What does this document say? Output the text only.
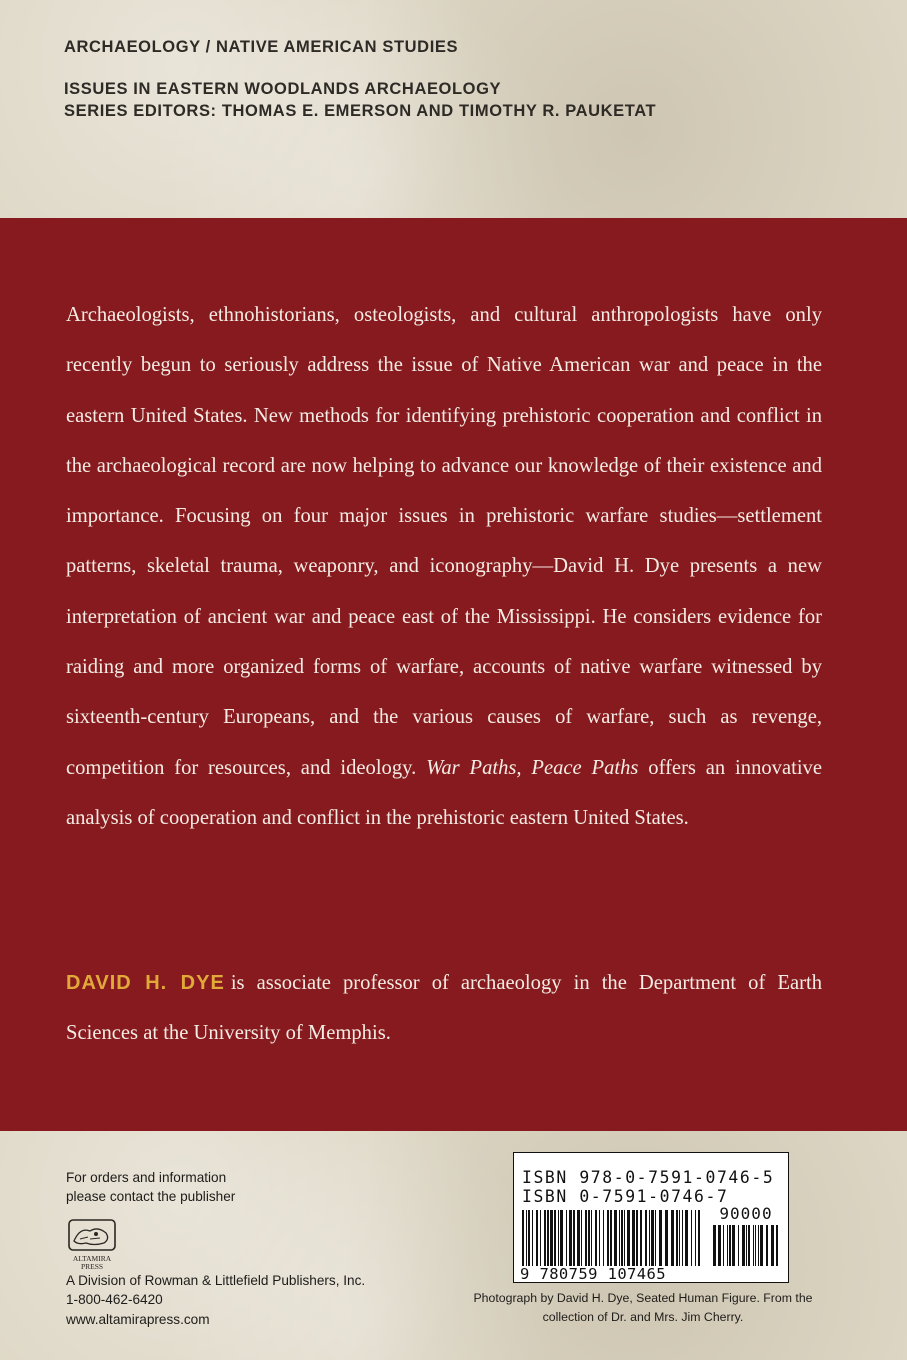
ARCHAEOLOGY / NATIVE AMERICAN STUDIES
ISSUES IN EASTERN WOODLANDS ARCHAEOLOGY
SERIES EDITORS: THOMAS E. EMERSON AND TIMOTHY R. PAUKETAT

Archaeologists, ethnohistorians, osteologists, and cultural anthropologists have only recently begun to seriously address the issue of Native American war and peace in the eastern United States. New methods for identifying prehistoric cooperation and conflict in the archaeological record are now helping to advance our knowledge of their existence and importance. Focusing on four major issues in prehistoric warfare studies—settlement patterns, skeletal trauma, weaponry, and iconography—David H. Dye presents a new interpretation of ancient war and peace east of the Mississippi. He considers evidence for raiding and more organized forms of warfare, accounts of native warfare witnessed by sixteenth-century Europeans, and the various causes of warfare, such as revenge, competition for resources, and ideology. War Paths, Peace Paths offers an innovative analysis of cooperation and conflict in the prehistoric eastern United States.

DAVID H. DYE is associate professor of archaeology in the Department of Earth Sciences at the University of Memphis.

For orders and information
please contact the publisher
ALTAMIRA
PRESS
A Division of Rowman & Littlefield Publishers, Inc.
1-800-462-6420
www.altamirapress.com
ISBN 978-0-7591-0746-5
ISBN 0-7591-0746-7
90000
9 780759 107465
Photograph by David H. Dye, Seated Human Figure. From the collection of Dr. and Mrs. Jim Cherry.
